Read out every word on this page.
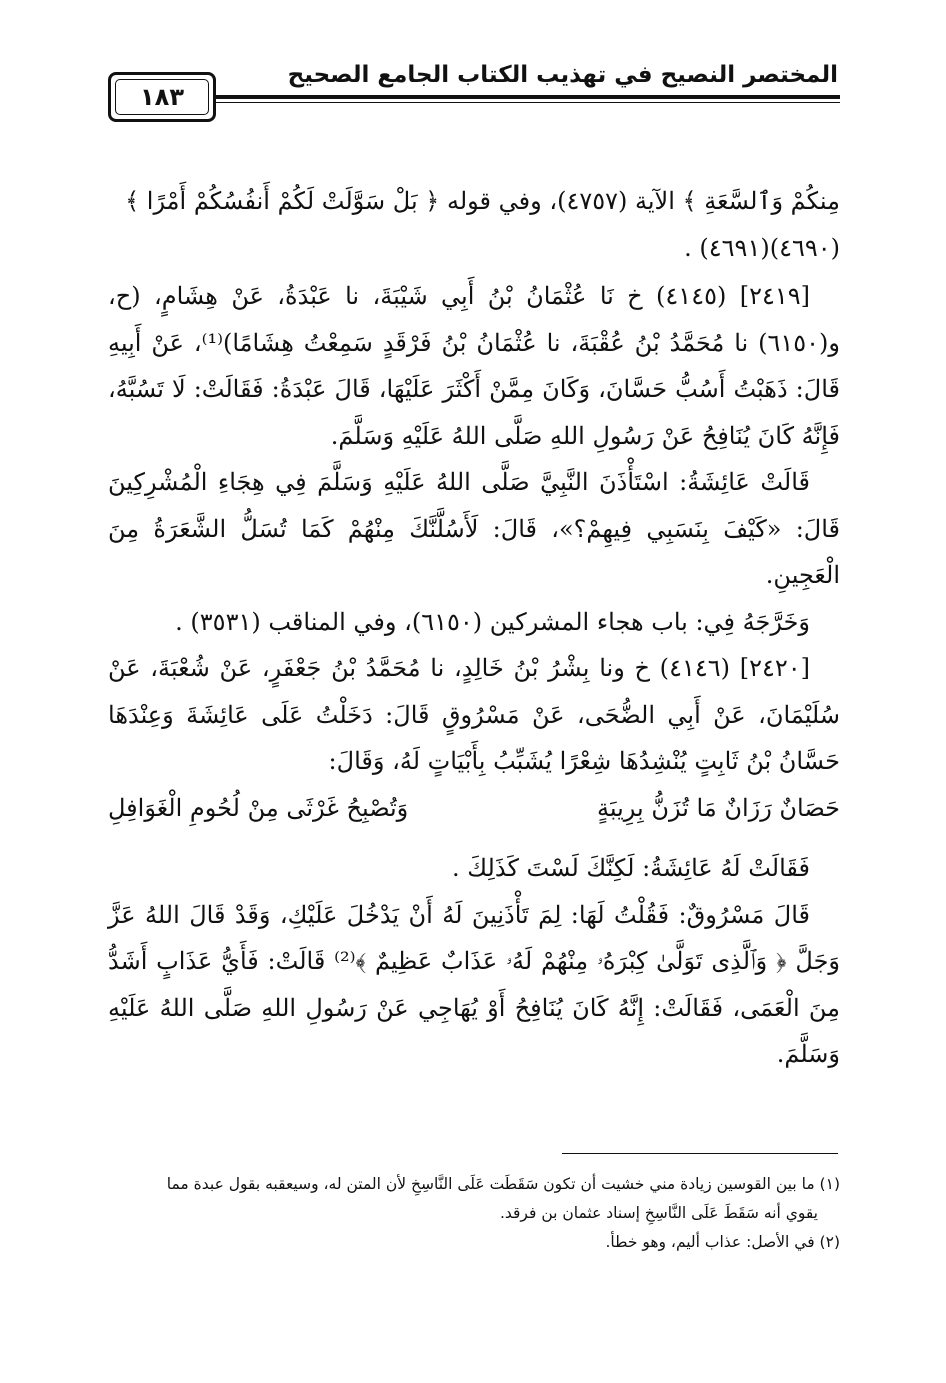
المختصر النصيح في تهذيب الكتاب الجامع الصحيح
١٨٣

مِنكُمْ وَٱلسَّعَةِ ﴾ الآية (٤٧٥٧)، وفي قوله ﴿ بَلْ سَوَّلَتْ لَكُمْ أَنفُسُكُمْ أَمْرًا ﴾

(٤٦٩٠)(٤٦٩١) .

[٢٤١٩] (٤١٤٥) خ نَا عُثْمَانُ بْنُ أَبِي شَيْبَةَ، نا عَبْدَةُ، عَنْ هِشَامٍ، (ح، و(٦١٥٠) نا مُحَمَّدُ بْنُ عُقْبَةَ، نا عُثْمَانُ بْنُ فَرْقَدٍ سَمِعْتُ هِشَامًا)⁽¹⁾، عَنْ أَبِيهِ قَالَ: ذَهَبْتُ أَسُبُّ حَسَّانَ، وَكَانَ مِمَّنْ أَكْثَرَ عَلَيْهَا، قَالَ عَبْدَةُ: فَقَالَتْ: لَا تَسُبَّهُ، فَإِنَّهُ كَانَ يُنَافِحُ عَنْ رَسُولِ اللهِ صَلَّى اللهُ عَلَيْهِ وَسَلَّمَ.

قَالَتْ عَائِشَةُ: اسْتَأْذَنَ النَّبِيَّ صَلَّى اللهُ عَلَيْهِ وَسَلَّمَ فِي هِجَاءِ الْمُشْرِكِينَ قَالَ: «كَيْفَ بِنَسَبِي فِيهِمْ؟»، قَالَ: لَأَسُلَّنَّكَ مِنْهُمْ كَمَا تُسَلُّ الشَّعَرَةُ مِنَ الْعَجِينِ.

وَخَرَّجَهُ فِي: باب هجاء المشركين (٦١٥٠)، وفي المناقب (٣٥٣١) .

[٢٤٢٠] (٤١٤٦) خ ونا بِشْرُ بْنُ خَالِدٍ، نا مُحَمَّدُ بْنُ جَعْفَرٍ، عَنْ شُعْبَةَ، عَنْ سُلَيْمَانَ، عَنْ أَبِي الضُّحَى، عَنْ مَسْرُوقٍ قَالَ: دَخَلْتُ عَلَى عَائِشَةَ وَعِنْدَهَا حَسَّانُ بْنُ ثَابِتٍ يُنْشِدُهَا شِعْرًا يُشَبِّبُ بِأَبْيَاتٍ لَهُ، وَقَالَ:

حَصَانٌ رَزَانٌ مَا تُزَنُّ بِرِيبَةٍ
وَتُصْبِحُ غَرْثَى مِنْ لُحُومِ الْغَوَافِلِ

فَقَالَتْ لَهُ عَائِشَةُ: لَكِنَّكَ لَسْتَ كَذَلِكَ .

قَالَ مَسْرُوقٌ: فَقُلْتُ لَهَا: لِمَ تَأْذَنِينَ لَهُ أَنْ يَدْخُلَ عَلَيْكِ، وَقَدْ قَالَ اللهُ عَزَّ وَجَلَّ ﴿ وَٱلَّذِى تَوَلَّىٰ كِبْرَهُۥ مِنْهُمْ لَهُۥ عَذَابٌ عَظِيمٌ ﴾⁽²⁾ قَالَتْ: فَأَيُّ عَذَابٍ أَشَدُّ مِنَ الْعَمَى، فَقَالَتْ: إِنَّهُ كَانَ يُنَافِحُ أَوْ يُهَاجِي عَنْ رَسُولِ اللهِ صَلَّى اللهُ عَلَيْهِ وَسَلَّمَ.

(١) ما بين القوسين زيادة مني خشيت أن تكون سَقَطَت عَلَى النَّاسِخِ لأن المتن له، وسيعقبه بقول عبدة مما

يقوي أنه سَقَطَ عَلَى النَّاسِخِ إسناد عثمان بن فرقد.

(٢) في الأصل: عذاب أليم، وهو خطأ.
